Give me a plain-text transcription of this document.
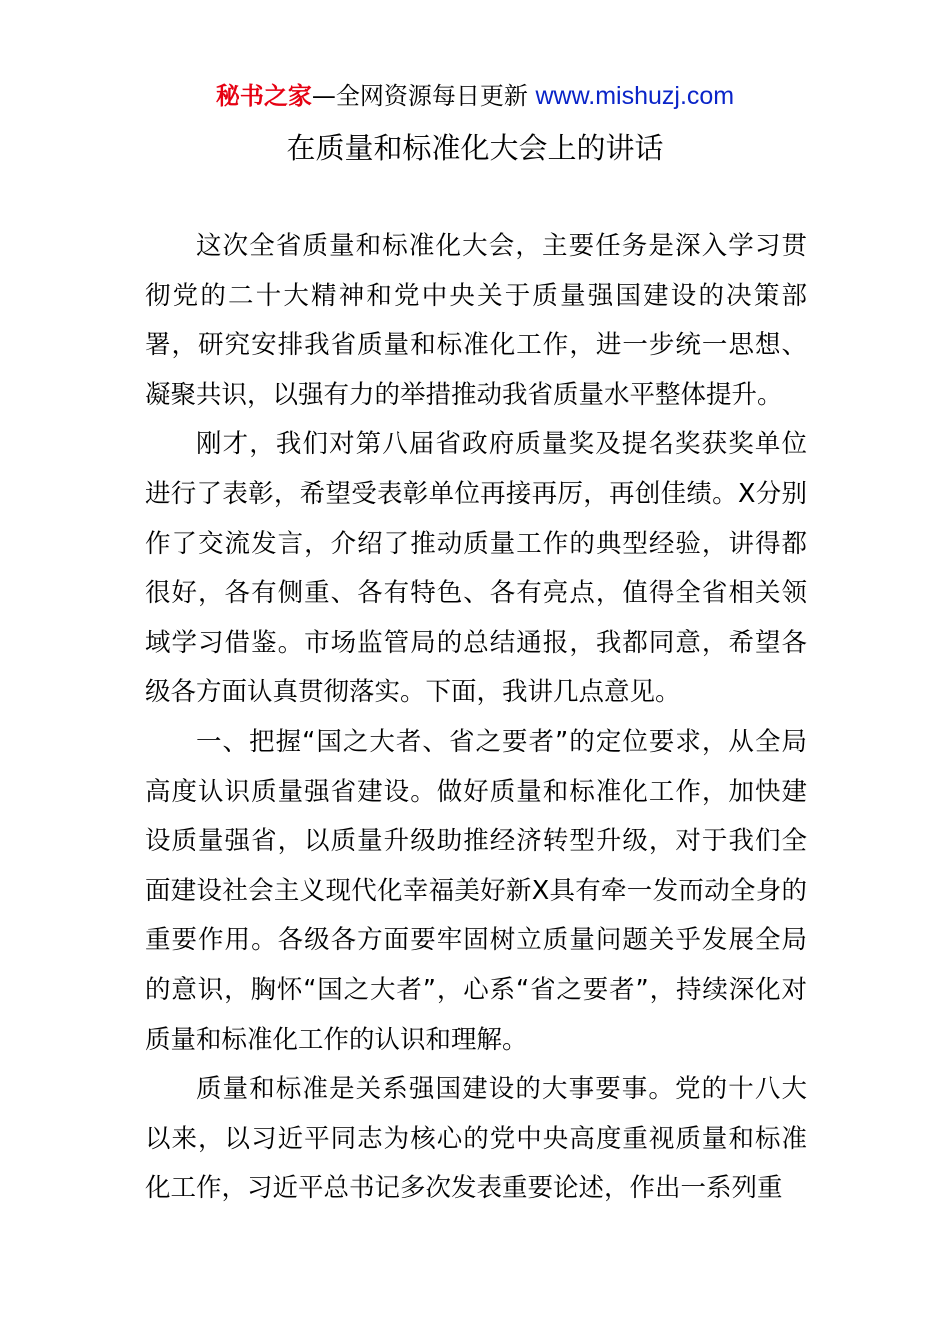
秘书之家—全网资源每日更新 www.mishuzj.com
在质量和标准化大会上的讲话

这次全省质量和标准化大会，主要任务是深入学习贯彻党的二十大精神和党中央关于质量强国建设的决策部署，研究安排我省质量和标准化工作，进一步统一思想、凝聚共识，以强有力的举措推动我省质量水平整体提升。

刚才，我们对第八届省政府质量奖及提名奖获奖单位进行了表彰，希望受表彰单位再接再厉，再创佳绩。X分别作了交流发言，介绍了推动质量工作的典型经验，讲得都很好，各有侧重、各有特色、各有亮点，值得全省相关领域学习借鉴。市场监管局的总结通报，我都同意，希望各级各方面认真贯彻落实。下面，我讲几点意见。

一、把握“国之大者、省之要者”的定位要求，从全局高度认识质量强省建设。做好质量和标准化工作，加快建设质量强省，以质量升级助推经济转型升级，对于我们全面建设社会主义现代化幸福美好新X具有牵一发而动全身的重要作用。各级各方面要牢固树立质量问题关乎发展全局的意识，胸怀“国之大者”，心系“省之要者”，持续深化对质量和标准化工作的认识和理解。

质量和标准是关系强国建设的大事要事。党的十八大以来，以习近平同志为核心的党中央高度重视质量和标准化工作，习近平总书记多次发表重要论述，作出一系列重
